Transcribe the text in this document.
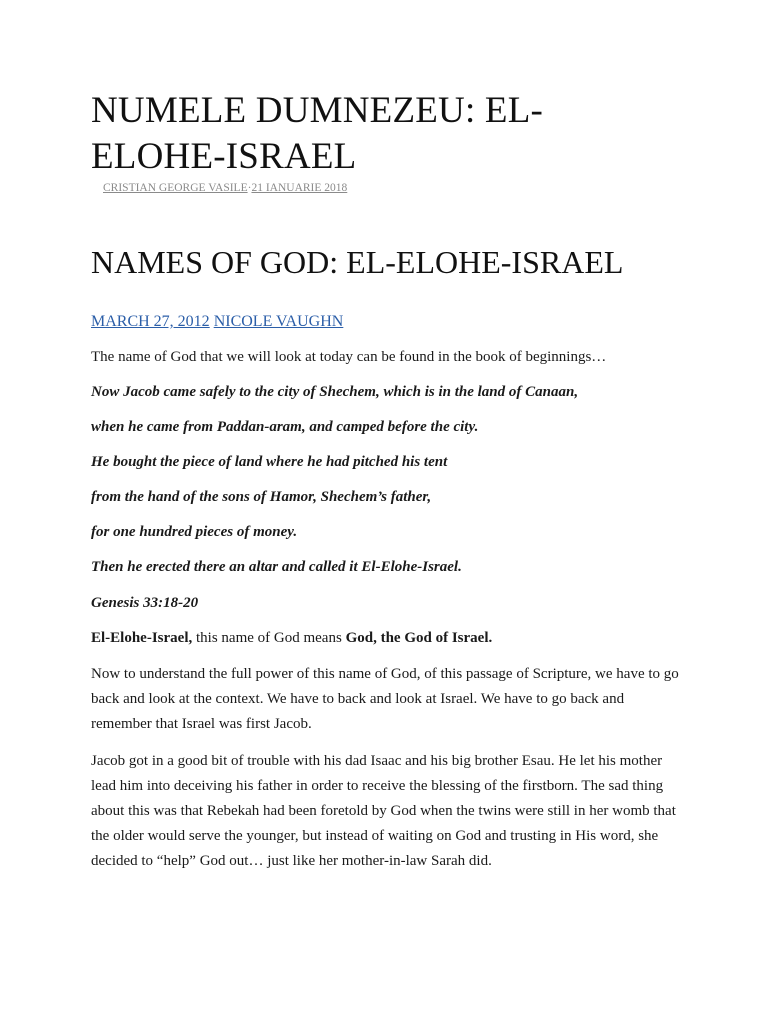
NUMELE DUMNEZEU: EL-ELOHE-ISRAEL
CRISTIAN GEORGE VASILE·21 IANUARIE 2018
NAMES OF GOD: EL-ELOHE-ISRAEL
MARCH 27, 2012 NICOLE VAUGHN
The name of God that we will look at today can be found in the book of beginnings…
Now Jacob came safely to the city of Shechem, which is in the land of Canaan,
when he came from Paddan-aram, and camped before the city.
He bought the piece of land where he had pitched his tent
from the hand of the sons of Hamor, Shechem’s father,
for one hundred pieces of money.
Then he erected there an altar and called it El-Elohe-Israel.
Genesis 33:18-20
El-Elohe-Israel, this name of God means God, the God of Israel.

Now to understand the full power of this name of God, of this passage of Scripture, we have to go back and look at the context. We have to back and look at Israel. We have to go back and remember that Israel was first Jacob.

Jacob got in a good bit of trouble with his dad Isaac and his big brother Esau. He let his mother lead him into deceiving his father in order to receive the blessing of the firstborn. The sad thing about this was that Rebekah had been foretold by God when the twins were still in her womb that the older would serve the younger, but instead of waiting on God and trusting in His word, she decided to “help” God out… just like her mother-in-law Sarah did.
